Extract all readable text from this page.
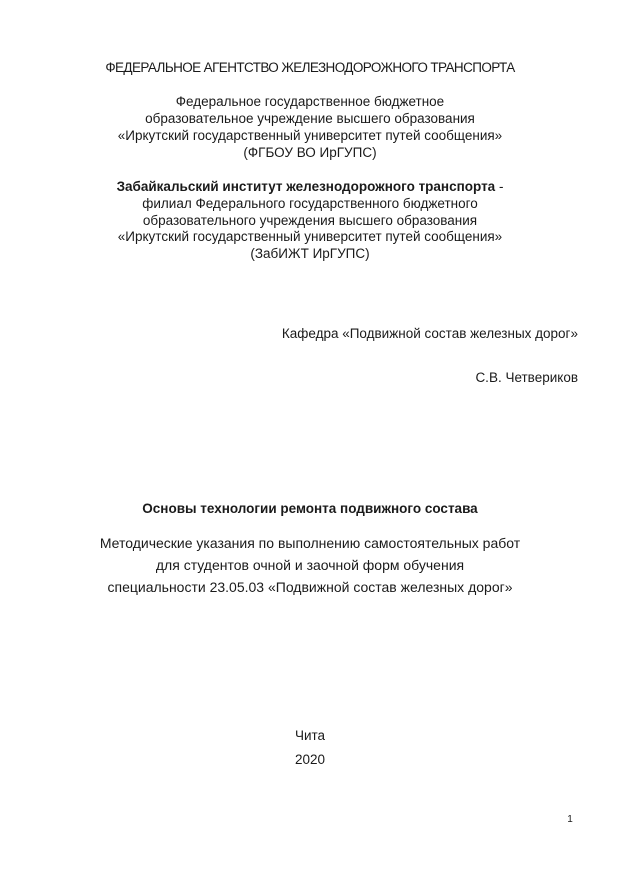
ФЕДЕРАЛЬНОЕ АГЕНТСТВО ЖЕЛЕЗНОДОРОЖНОГО ТРАНСПОРТА
Федеральное государственное бюджетное
образовательное учреждение высшего образования
«Иркутский государственный университет путей сообщения»
(ФГБОУ ВО ИрГУПС)
Забайкальский институт железнодорожного транспорта -
филиал Федерального государственного бюджетного
образовательного учреждения высшего образования
«Иркутский государственный университет путей сообщения»
(ЗабИЖТ ИрГУПС)
Кафедра «Подвижной состав железных дорог»
С.В. Четвериков
Основы технологии ремонта подвижного состава
Методические указания по выполнению самостоятельных работ
для студентов очной и заочной форм обучения
специальности 23.05.03 «Подвижной состав железных дорог»
Чита
2020
1
